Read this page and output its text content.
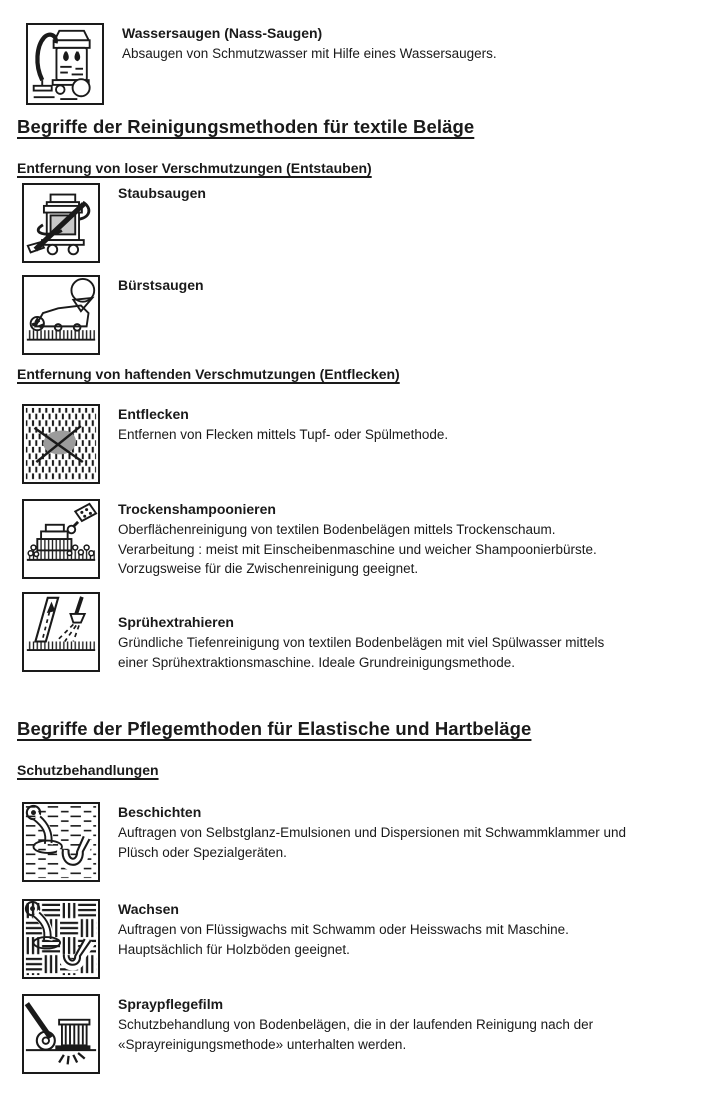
Wassersaugen (Nass-Saugen)
Absaugen von Schmutzwasser mit Hilfe eines Wassersaugers.
Begriffe der Reinigungsmethoden für textile Beläge
Entfernung von loser Verschmutzungen (Entstauben)
Staubsaugen
Bürstsaugen
Entfernung von haftenden Verschmutzungen (Entflecken)
Entflecken
Entfernen von Flecken mittels Tupf- oder Spülmethode.
Trockenshampoonieren
Oberflächenreinigung von textilen Bodenbelägen mittels Trockenschaum. Verarbeitung : meist mit Einscheibenmaschine und weicher Shampoonierbürste. Vorzugsweise für die Zwischenreinigung geeignet.
Sprühextrahieren
Gründliche Tiefenreinigung von textilen Bodenbelägen mit viel Spülwasser mittels einer Sprühextraktionsmaschine. Ideale Grundreinigungsmethode.
Begriffe der Pflegemthoden für Elastische und Hartbeläge
Schutzbehandlungen
Beschichten
Auftragen von Selbstglanz-Emulsionen und Dispersionen mit Schwammklammer und Plüsch oder Spezialgeräten.
Wachsen
Auftragen von Flüssigwachs mit Schwamm oder Heisswachs mit Maschine. Hauptsächlich für Holzböden geeignet.
Spraypflegefilm
Schutzbehandlung von Bodenbelägen, die in der laufenden Reinigung nach der «Sprayreinigungsmethode» unterhalten werden.
